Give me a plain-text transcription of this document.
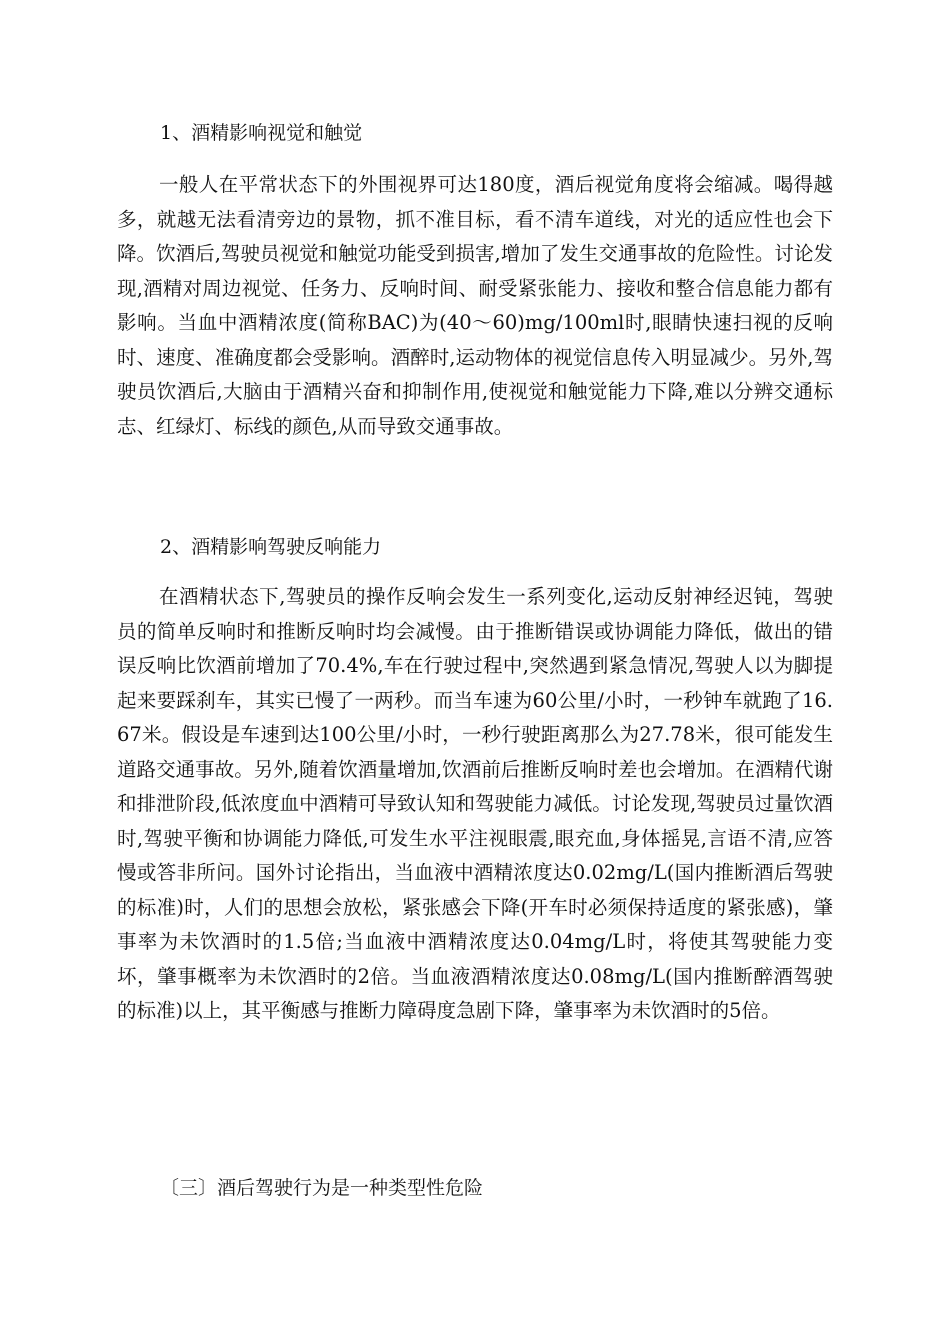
1、酒精影响视觉和触觉
一般人在平常状态下的外围视界可达180度，酒后视觉角度将会缩减。喝得越多，就越无法看清旁边的景物，抓不准目标，看不清车道线，对光的适应性也会下降。饮酒后,驾驶员视觉和触觉功能受到损害,增加了发生交通事故的危险性。讨论发现,酒精对周边视觉、任务力、反响时间、耐受紧张能力、接收和整合信息能力都有影响。当血中酒精浓度(简称BAC)为(40～60)mg/100ml时,眼睛快速扫视的反响时、速度、准确度都会受影响。酒醉时,运动物体的视觉信息传入明显减少。另外,驾驶员饮酒后,大脑由于酒精兴奋和抑制作用,使视觉和触觉能力下降,难以分辨交通标志、红绿灯、标线的颜色,从而导致交通事故。
2、酒精影响驾驶反响能力
在酒精状态下,驾驶员的操作反响会发生一系列变化,运动反射神经迟钝，驾驶员的简单反响时和推断反响时均会减慢。由于推断错误或协调能力降低，做出的错误反响比饮酒前增加了70.4%,车在行驶过程中,突然遇到紧急情况,驾驶人以为脚提起来要踩刹车，其实已慢了一两秒。而当车速为60公里/小时，一秒钟车就跑了16.67米。假设是车速到达100公里/小时，一秒行驶距离那么为27.78米，很可能发生道路交通事故。另外,随着饮酒量增加,饮酒前后推断反响时差也会增加。在酒精代谢和排泄阶段,低浓度血中酒精可导致认知和驾驶能力减低。讨论发现,驾驶员过量饮酒时,驾驶平衡和协调能力降低,可发生水平注视眼震,眼充血,身体摇晃,言语不清,应答慢或答非所问。国外讨论指出，当血液中酒精浓度达0.02mg/L(国内推断酒后驾驶的标准)时，人们的思想会放松，紧张感会下降(开车时必须保持适度的紧张感)，肇事率为未饮酒时的1.5倍;当血液中酒精浓度达0.04mg/L时，将使其驾驶能力变坏，肇事概率为未饮酒时的2倍。当血液酒精浓度达0.08mg/L(国内推断醉酒驾驶的标准)以上，其平衡感与推断力障碍度急剧下降，肇事率为未饮酒时的5倍。
〔三〕酒后驾驶行为是一种类型性危险
